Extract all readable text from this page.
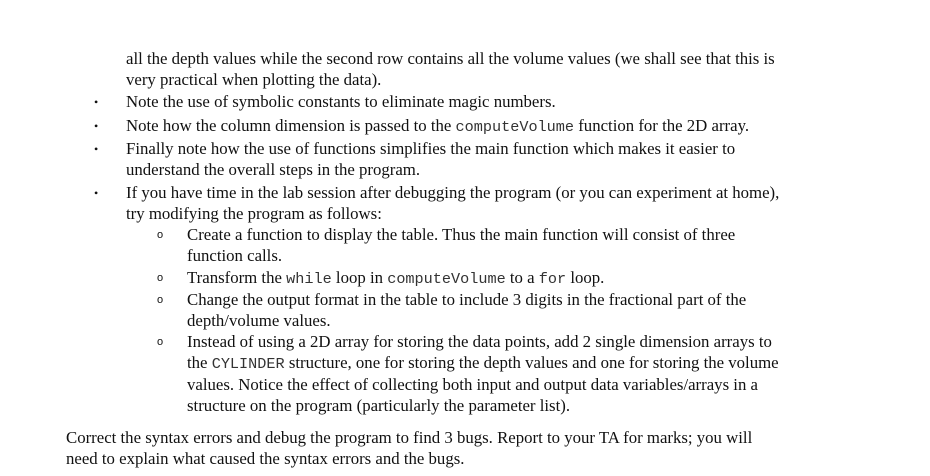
all the depth values while the second row contains all the volume values (we shall see that this is
very practical when plotting the data).
• Note the use of symbolic constants to eliminate magic numbers.
• Note how the column dimension is passed to the computeVolume function for the 2D array.
• Finally note how the use of functions simplifies the main function which makes it easier to
understand the overall steps in the program.
• If you have time in the lab session after debugging the program (or you can experiment at home),
try modifying the program as follows:
o Create a function to display the table. Thus the main function will consist of three
function calls.
o Transform the while loop in computeVolume to a for loop.
o Change the output format in the table to include 3 digits in the fractional part of the
depth/volume values.
o Instead of using a 2D array for storing the data points, add 2 single dimension arrays to
the CYLINDER structure, one for storing the depth values and one for storing the volume
values. Notice the effect of collecting both input and output data variables/arrays in a
structure on the program (particularly the parameter list).
Correct the syntax errors and debug the program to find 3 bugs. Report to your TA for marks; you will
need to explain what caused the syntax errors and the bugs.
